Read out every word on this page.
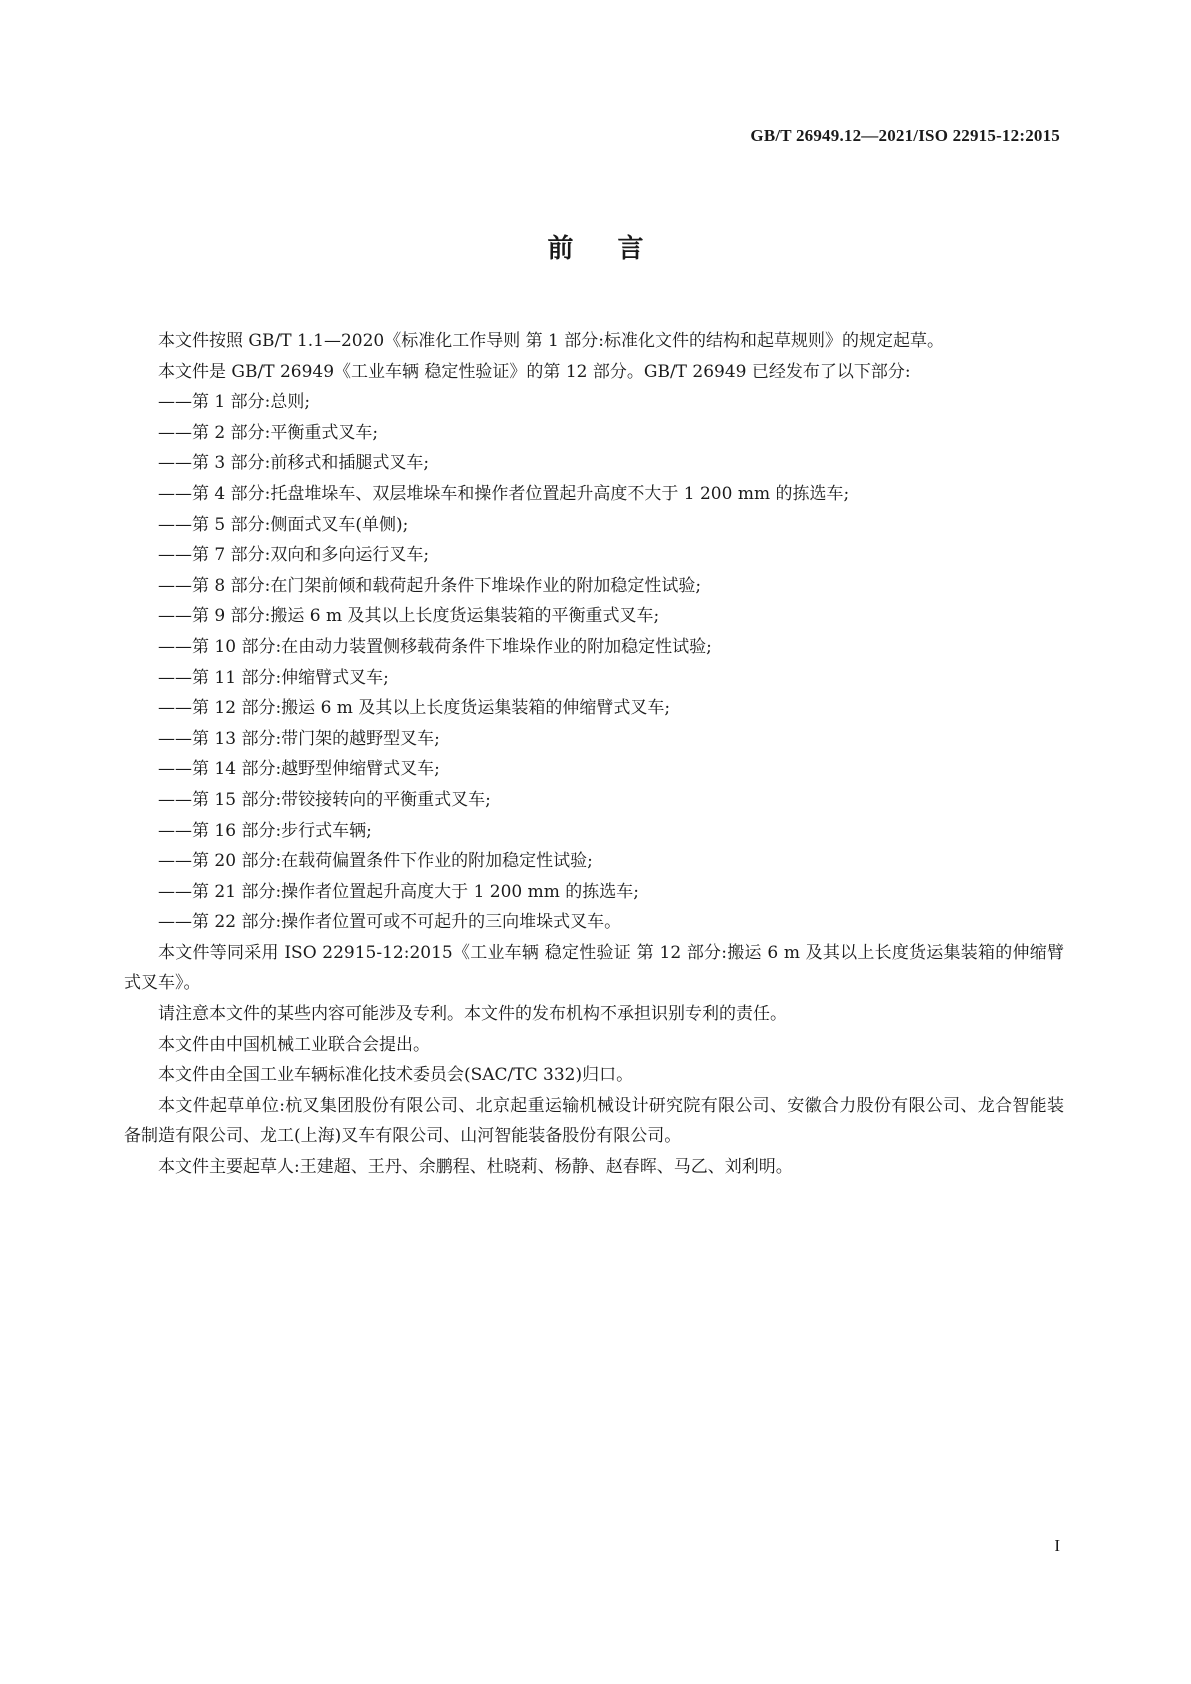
GB/T 26949.12—2021/ISO 22915-12:2015
前言

本文件按照 GB/T 1.1—2020《标准化工作导则 第 1 部分:标准化文件的结构和起草规则》的规定起草。

本文件是 GB/T 26949《工业车辆 稳定性验证》的第 12 部分。GB/T 26949 已经发布了以下部分:

——第 1 部分:总则;
——第 2 部分:平衡重式叉车;
——第 3 部分:前移式和插腿式叉车;
——第 4 部分:托盘堆垛车、双层堆垛车和操作者位置起升高度不大于 1 200 mm 的拣选车;
——第 5 部分:侧面式叉车(单侧);
——第 7 部分:双向和多向运行叉车;
——第 8 部分:在门架前倾和载荷起升条件下堆垛作业的附加稳定性试验;
——第 9 部分:搬运 6 m 及其以上长度货运集装箱的平衡重式叉车;
——第 10 部分:在由动力装置侧移载荷条件下堆垛作业的附加稳定性试验;
——第 11 部分:伸缩臂式叉车;
——第 12 部分:搬运 6 m 及其以上长度货运集装箱的伸缩臂式叉车;
——第 13 部分:带门架的越野型叉车;
——第 14 部分:越野型伸缩臂式叉车;
——第 15 部分:带铰接转向的平衡重式叉车;
——第 16 部分:步行式车辆;
——第 20 部分:在载荷偏置条件下作业的附加稳定性试验;
——第 21 部分:操作者位置起升高度大于 1 200 mm 的拣选车;
——第 22 部分:操作者位置可或不可起升的三向堆垛式叉车。

本文件等同采用 ISO 22915-12:2015《工业车辆 稳定性验证 第 12 部分:搬运 6 m 及其以上长度货运集装箱的伸缩臂式叉车》。

请注意本文件的某些内容可能涉及专利。本文件的发布机构不承担识别专利的责任。

本文件由中国机械工业联合会提出。

本文件由全国工业车辆标准化技术委员会(SAC/TC 332)归口。

本文件起草单位:杭叉集团股份有限公司、北京起重运输机械设计研究院有限公司、安徽合力股份有限公司、龙合智能装备制造有限公司、龙工(上海)叉车有限公司、山河智能装备股份有限公司。

本文件主要起草人:王建超、王丹、余鹏程、杜晓莉、杨静、赵春晖、马乙、刘利明。

I
